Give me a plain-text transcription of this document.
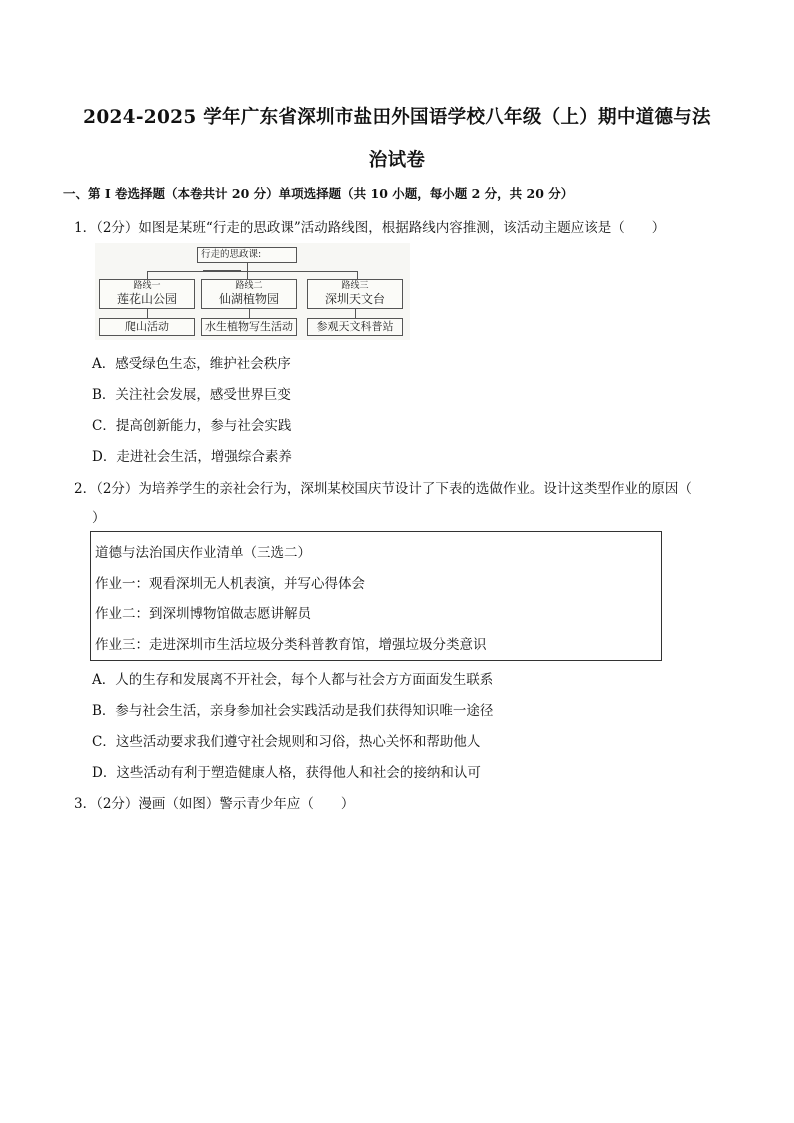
2024-2025 学年广东省深圳市盐田外国语学校八年级（上）期中道德与法
治试卷
一、第 I 卷选择题（本卷共计 20 分）单项选择题（共 10 小题，每小题 2 分，共 20 分）
1．（2分）如图是某班“行走的思政课”活动路线图，根据路线内容推测，该活动主题应该是（　　）
行走的思政课:
路线一
莲花山公园
路线二
仙湖植物园
路线三
深圳天文台
爬山活动	水生植物写生活动	参观天文科普站
A．感受绿色生态，维护社会秩序
B．关注社会发展，感受世界巨变
C．提高创新能力，参与社会实践
D．走进社会生活，增强综合素养
2．（2分）为培养学生的亲社会行为，深圳某校国庆节设计了下表的选做作业。设计这类型作业的原因（
）
道德与法治国庆作业清单（三选二）
作业一：观看深圳无人机表演，并写心得体会
作业二：到深圳博物馆做志愿讲解员
作业三：走进深圳市生活垃圾分类科普教育馆，增强垃圾分类意识
A．人的生存和发展离不开社会，每个人都与社会方方面面发生联系
B．参与社会生活，亲身参加社会实践活动是我们获得知识唯一途径
C．这些活动要求我们遵守社会规则和习俗，热心关怀和帮助他人
D．这些活动有利于塑造健康人格，获得他人和社会的接纳和认可
3．（2分）漫画（如图）警示青少年应（　　）
